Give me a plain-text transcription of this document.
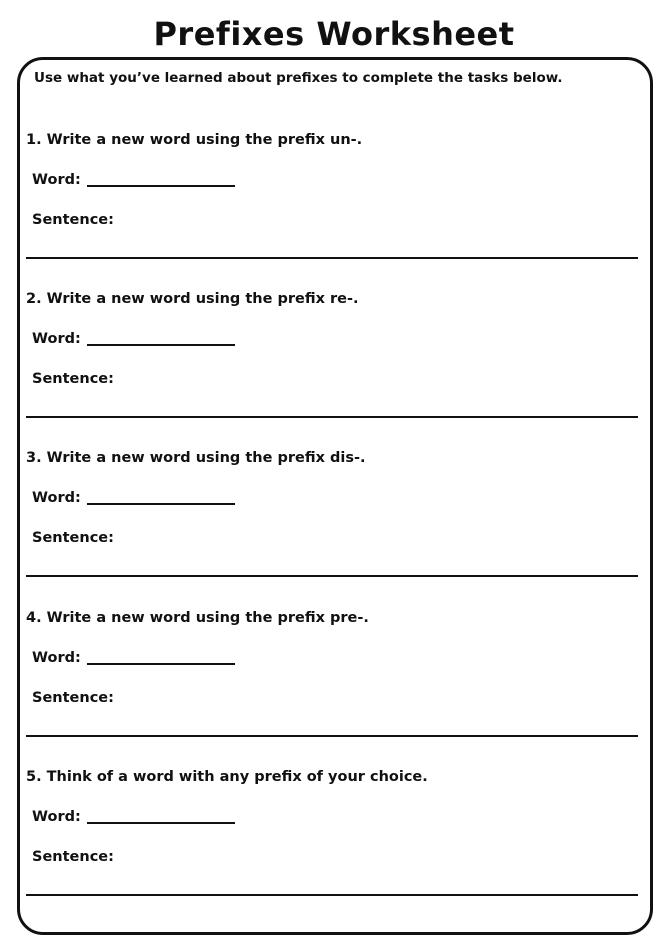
Prefixes Worksheet
Use what you’ve learned about prefixes to complete the tasks below.
1. Write a new word using the prefix un-.
Word:
Sentence:
2. Write a new word using the prefix re-.
Word:
Sentence:
3. Write a new word using the prefix dis-.
Word:
Sentence:
4. Write a new word using the prefix pre-.
Word:
Sentence:
5. Think of a word with any prefix of your choice.
Word:
Sentence:
